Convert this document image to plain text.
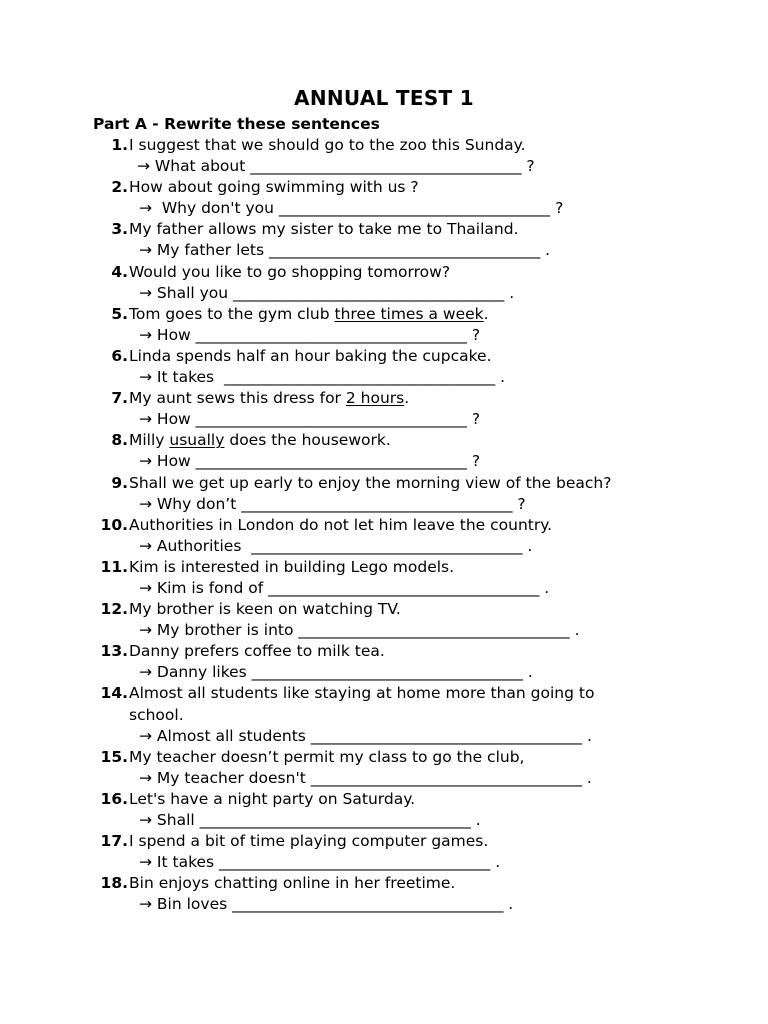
ANNUAL TEST 1
Part A - Rewrite these sentences
1. I suggest that we should go to the zoo this Sunday.
→ What about ___________________________________ ?
2. How about going swimming with us ?
→  Why don't you ___________________________________ ?
3. My father allows my sister to take me to Thailand.
→ My father lets ___________________________________ .
4. Would you like to go shopping tomorrow?
→ Shall you ___________________________________ .
5. Tom goes to the gym club three times a week.
→ How ___________________________________ ?
6. Linda spends half an hour baking the cupcake.
→ It takes  ___________________________________ .
7. My aunt sews this dress for 2 hours.
→ How ___________________________________ ?
8. Milly usually does the housework.
→ How ___________________________________ ?
9. Shall we get up early to enjoy the morning view of the beach?
→ Why don’t ___________________________________ ?
10. Authorities in London do not let him leave the country.
→ Authorities  ___________________________________ .
11. Kim is interested in building Lego models.
→ Kim is fond of ___________________________________ .
12. My brother is keen on watching TV.
→ My brother is into ___________________________________ .
13. Danny prefers coffee to milk tea.
→ Danny likes ___________________________________ .
14. Almost all students like staying at home more than going to school.
→ Almost all students ___________________________________ .
15. My teacher doesn’t permit my class to go the club,
→ My teacher doesn't ___________________________________ .
16. Let's have a night party on Saturday.
→ Shall ___________________________________ .
17. I spend a bit of time playing computer games.
→ It takes ___________________________________ .
18. Bin enjoys chatting online in her freetime.
→ Bin loves ___________________________________ .
